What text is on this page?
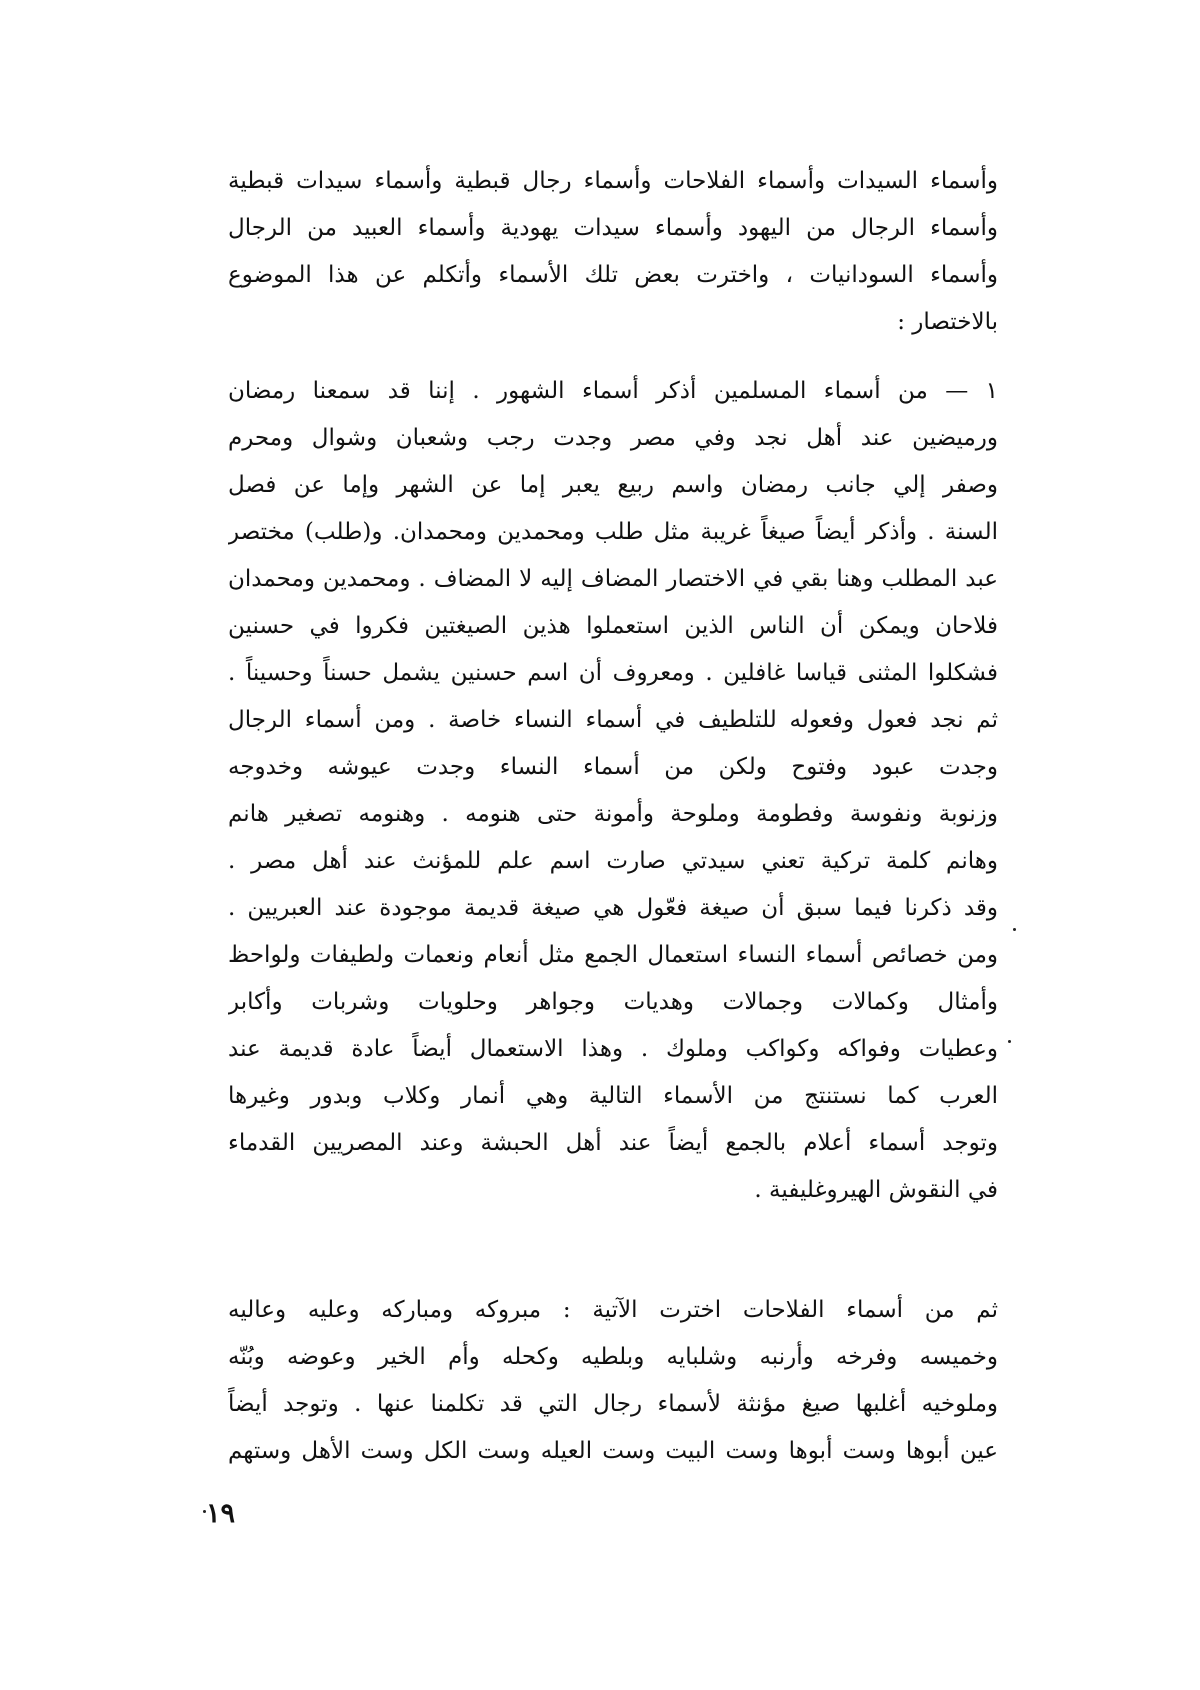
وأسماء السيدات وأسماء الفلاحات وأسماء رجال قبطية وأسماء سيدات قبطية
وأسماء الرجال من اليهود وأسماء سيدات يهودية وأسماء العبيد من الرجال
وأسماء السودانيات ، واخترت بعض تلك الأسماء وأتكلم عن هذا الموضوع
بالاختصار :
١ — من أسماء المسلمين أذكر أسماء الشهور . إننا قد سمعنا رمضان
ورميضين عند أهل نجد وفي مصر وجدت رجب وشعبان وشوال ومحرم
وصفر إلي جانب رمضان واسم ربيع يعبر إما عن الشهر وإما عن فصل
السنة . وأذكر أيضاً صيغاً غريبة مثل طلب ومحمدين ومحمدان. و(طلب) مختصر
عبد المطلب وهنا بقي في الاختصار المضاف إليه لا المضاف . ومحمدين ومحمدان
فلاحان ويمكن أن الناس الذين استعملوا هذين الصيغتين فكروا في حسنين
فشكلوا المثنى قياسا غافلين . ومعروف أن اسم حسنين يشمل حسناً وحسيناً .
ثم نجد فعول وفعوله للتلطيف في أسماء النساء خاصة . ومن أسماء الرجال
وجدت عبود وفتوح ولكن من أسماء النساء وجدت عيوشه وخدوجه
وزنوبة ونفوسة وفطومة وملوحة وأمونة حتى هنومه . وهنومه تصغير هانم
وهانم كلمة تركية تعني سيدتي صارت اسم علم للمؤنث عند أهل مصر .
وقد ذكرنا فيما سبق أن صيغة فعّول هي صيغة قديمة موجودة عند العبريين .
ومن خصائص أسماء النساء استعمال الجمع مثل أنعام ونعمات ولطيفات ولواحظ
وأمثال وكمالات وجمالات وهديات وجواهر وحلويات وشربات وأكابر
وعطيات وفواكه وكواكب وملوك . وهذا الاستعمال أيضاً عادة قديمة عند
العرب كما نستنتج من الأسماء التالية وهي أنمار وكلاب وبدور وغيرها
وتوجد أسماء أعلام بالجمع أيضاً عند أهل الحبشة وعند المصريين القدماء
في النقوش الهيروغليفية .
ثم من أسماء الفلاحات اخترت الآتية : مبروكه ومباركه وعليه وعاليه
وخميسه وفرخه وأرنبه وشلبايه وبلطيه وكحله وأم الخير وعوضه وبُنّه
وملوخيه أغلبها صيغ مؤنثة لأسماء رجال التي قد تكلمنا عنها . وتوجد أيضاً
عين أبوها وست أبوها وست البيت وست العيله وست الكل وست الأهل وستهم
١٩
